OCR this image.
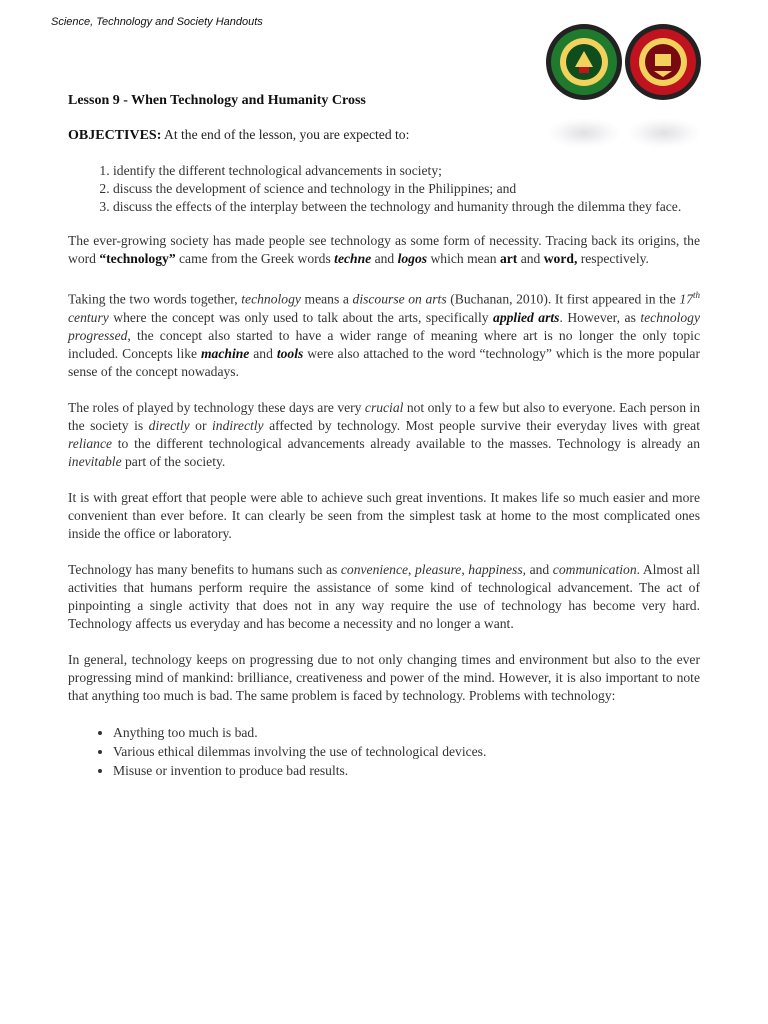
Science, Technology and Society Handouts
Lesson 9 - When Technology and Humanity Cross
OBJECTIVES: At the end of the lesson, you are expected to:
1. identify the different technological advancements in society;
2. discuss the development of science and technology in the Philippines; and
3. discuss the effects of the interplay between the technology and humanity through the dilemma they face.

The ever-growing society has made people see technology as some form of necessity. Tracing back its origins, the word “technology” came from the Greek words techne and logos which mean art and word, respectively.

Taking the two words together, technology means a discourse on arts (Buchanan, 2010). It first appeared in the 17th century where the concept was only used to talk about the arts, specifically applied arts. However, as technology progressed, the concept also started to have a wider range of meaning where art is no longer the only topic included. Concepts like machine and tools were also attached to the word “technology” which is the more popular sense of the concept nowadays.

The roles of played by technology these days are very crucial not only to a few but also to everyone. Each person in the society is directly or indirectly affected by technology. Most people survive their everyday lives with great reliance to the different technological advancements already available to the masses. Technology is already an inevitable part of the society.

It is with great effort that people were able to achieve such great inventions. It makes life so much easier and more convenient than ever before. It can clearly be seen from the simplest task at home to the most complicated ones inside the office or laboratory.

Technology has many benefits to humans such as convenience, pleasure, happiness, and communication. Almost all activities that humans perform require the assistance of some kind of technological advancement. The act of pinpointing a single activity that does not in any way require the use of technology has become very hard. Technology affects us everyday and has become a necessity and no longer a want.

In general, technology keeps on progressing due to not only changing times and environment but also to the ever progressing mind of mankind: brilliance, creativeness and power of the mind. However, it is also important to note that anything too much is bad. The same problem is faced by technology. Problems with technology:

• Anything too much is bad.
• Various ethical dilemmas involving the use of technological devices.
• Misuse or invention to produce bad results.
